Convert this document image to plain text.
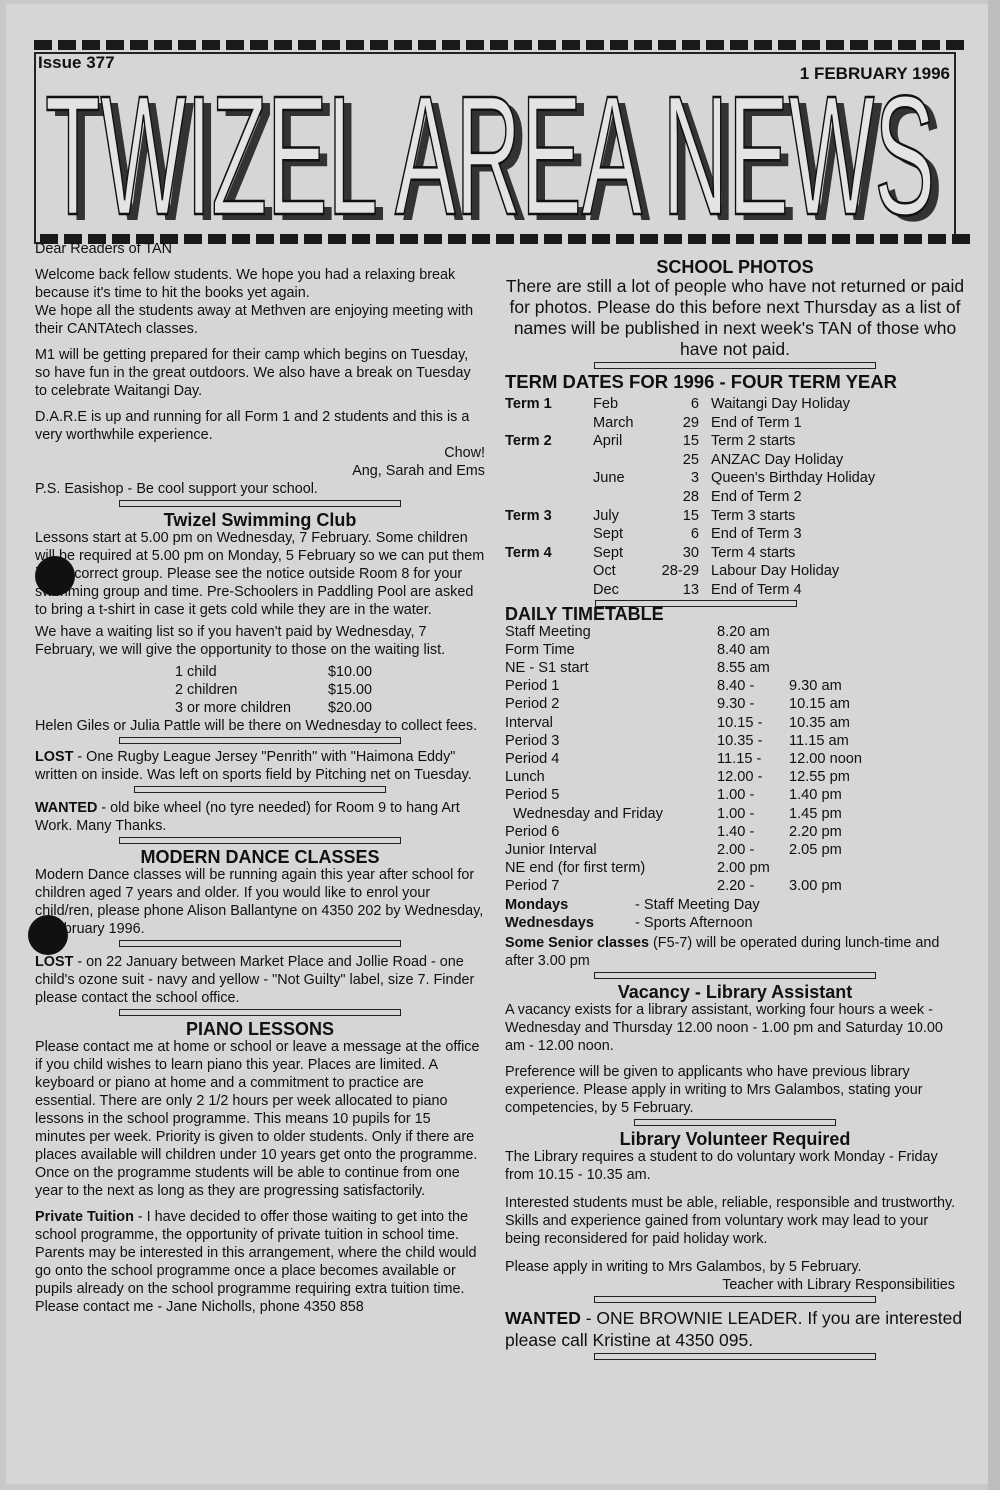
Issue 377
1 FEBRUARY 1996
TWIZEL AREA NEWS
TWIZEL AREA NEWS

Dear Readers of TAN

Welcome back fellow students. We hope you had a relaxing break because it's time to hit the books yet again.

We hope all the students away at Methven are enjoying meeting with their CANTAtech classes.

M1 will be getting prepared for their camp which begins on Tuesday, so have fun in the great outdoors. We also have a break on Tuesday to celebrate Waitangi Day.

D.A.R.E is up and running for all Form 1 and 2 students and this is a very worthwhile experience.

Chow!
Ang, Sarah and Ems
P.S. Easishop - Be cool support your school.
Twizel Swimming Club

Lessons start at 5.00 pm on Wednesday, 7 February. Some children will be required at 5.00 pm on Monday, 5 February so we can put them in the correct group. Please see the notice outside Room 8 for your swimming group and time. Pre-Schoolers in Paddling Pool are asked to bring a t-shirt in case it gets cold while they are in the water.

We have a waiting list so if you haven't paid by Wednesday, 7 February, we will give the opportunity to those on the waiting list.

1 child	$10.00
2 children	$15.00
3 or more children	$20.00

Helen Giles or Julia Pattle will be there on Wednesday to collect fees.

LOST - One Rugby League Jersey "Penrith" with "Haimona Eddy" written on inside. Was left on sports field by Pitching net on Tuesday.

WANTED - old bike wheel (no tyre needed) for Room 9 to hang Art Work. Many Thanks.

MODERN DANCE CLASSES

Modern Dance classes will be running again this year after school for children aged 7 years and older. If you would like to enrol your child/ren, please phone Alison Ballantyne on 4350 202 by Wednesday, 7 February 1996.

LOST - on 22 January between Market Place and Jollie Road - one child's ozone suit - navy and yellow - "Not Guilty" label, size 7. Finder please contact the school office.

PIANO LESSONS

Please contact me at home or school or leave a message at the office if you child wishes to learn piano this year. Places are limited. A keyboard or piano at home and a commitment to practice are essential. There are only 2 1/2 hours per week allocated to piano lessons in the school programme. This means 10 pupils for 15 minutes per week. Priority is given to older students. Only if there are places available will children under 10 years get onto the programme. Once on the programme students will be able to continue from one year to the next as long as they are progressing satisfactorily.

Private Tuition - I have decided to offer those waiting to get into the school programme, the opportunity of private tuition in school time. Parents may be interested in this arrangement, where the child would go onto the school programme once a place becomes available or pupils already on the school programme requiring extra tuition time. Please contact me - Jane Nicholls, phone 4350 858

SCHOOL PHOTOS

There are still a lot of people who have not returned or paid for photos. Please do this before next Thursday as a list of names will be published in next week's TAN of those who have not paid.

TERM DATES FOR 1996 - FOUR TERM YEAR
Term 1	Feb	6	Waitangi Day Holiday
	March	29	End of Term 1
Term 2	April	15	Term 2 starts
		25	ANZAC Day Holiday
	June	3	Queen's Birthday Holiday
		28	End of Term 2
Term 3	July	15	Term 3 starts
	Sept	6	End of Term 3
Term 4	Sept	30	Term 4 starts
	Oct	28-29	Labour Day Holiday
	Dec	13	End of Term 4
DAILY TIMETABLE
Staff Meeting	8.20 am
Form Time	8.40 am
NE - S1 start	8.55 am
Period 1	8.40 -	9.30 am
Period 2	9.30 -	10.15 am
Interval	10.15 -	10.35 am
Period 3	10.35 -	11.15 am
Period 4	11.15 -	12.00 noon
Lunch	12.00 -	12.55 pm
Period 5	1.00 -	1.40 pm
Wednesday and Friday	1.00 -	1.45 pm
Period 6	1.40 -	2.20 pm
Junior Interval	2.00 -	2.05 pm
NE end (for first term)	2.00 pm
Period 7	2.20 -	3.00 pm
Mondays	- Staff Meeting Day
Wednesdays	- Sports Afternoon

Some Senior classes (F5-7) will be operated during lunch-time and after 3.00 pm

Vacancy - Library Assistant

A vacancy exists for a library assistant, working four hours a week - Wednesday and Thursday 12.00 noon - 1.00 pm and Saturday 10.00 am - 12.00 noon.

Preference will be given to applicants who have previous library experience. Please apply in writing to Mrs Galambos, stating your competencies, by 5 February.

Library Volunteer Required

The Library requires a student to do voluntary work Monday - Friday from 10.15 - 10.35 am.

Interested students must be able, reliable, responsible and trustworthy. Skills and experience gained from voluntary work may lead to your being reconsidered for paid holiday work.

Please apply in writing to Mrs Galambos, by 5 February.

Teacher with Library Responsibilities

WANTED - ONE BROWNIE LEADER. If you are interested please call Kristine at 4350 095.
